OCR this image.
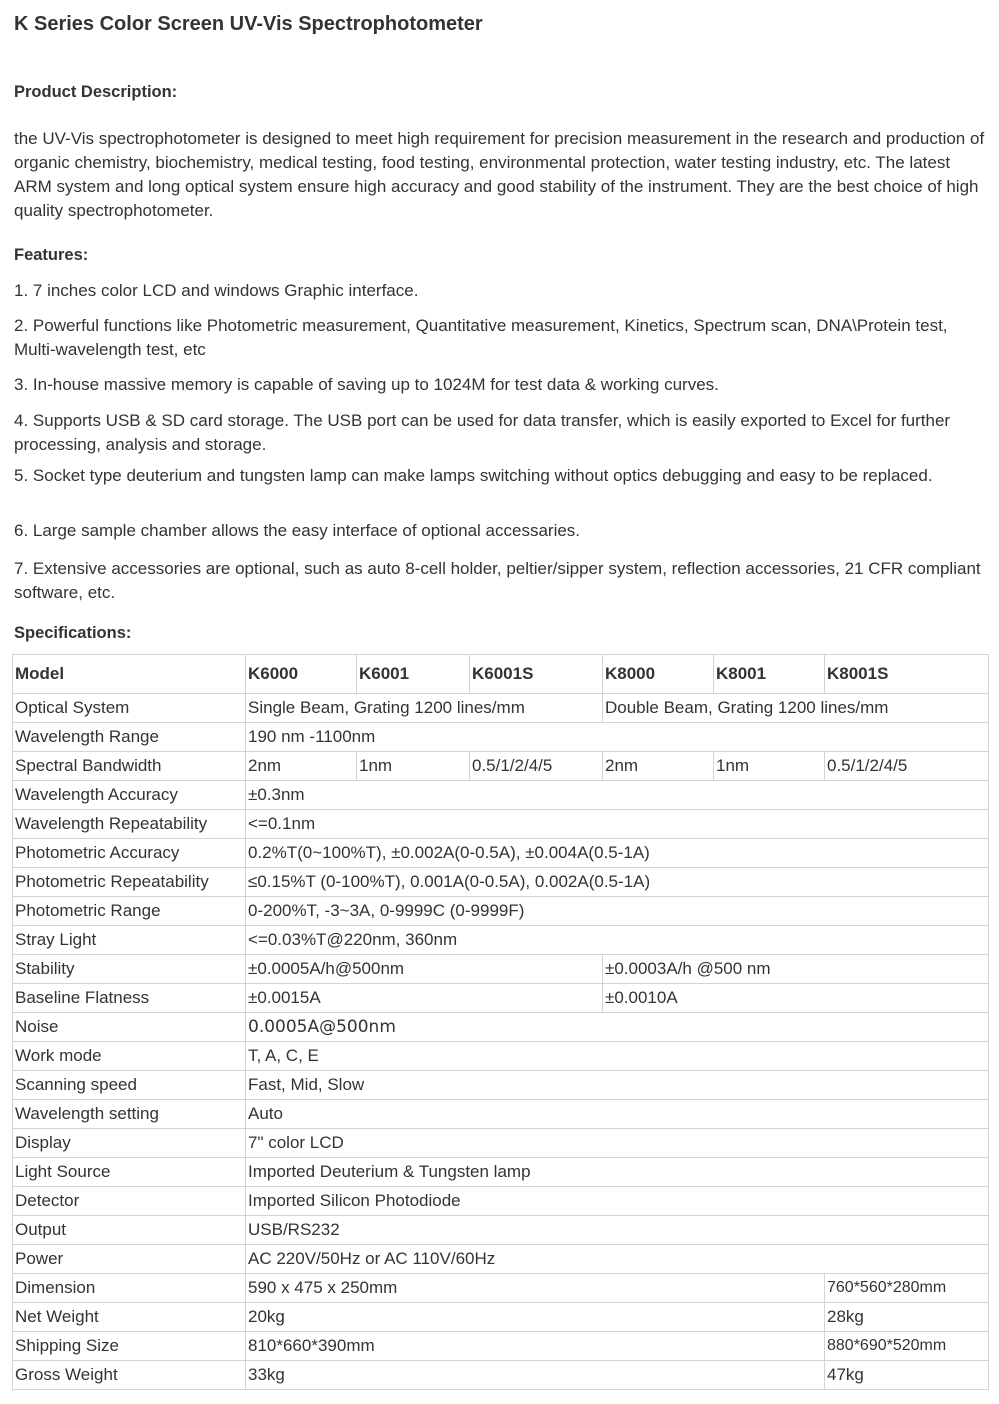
K Series Color Screen UV-Vis Spectrophotometer
Product Description:

the UV-Vis spectrophotometer is designed to meet high requirement for precision measurement in the research and production of organic chemistry, biochemistry, medical testing, food testing, environmental protection, water testing industry, etc. The latest ARM system and long optical system ensure high accuracy and good stability of the instrument. They are the best choice of high quality spectrophotometer.

Features:

1. 7 inches color LCD and windows Graphic interface.

2. Powerful functions like Photometric measurement, Quantitative measurement, Kinetics, Spectrum scan, DNA\Protein test, Multi-wavelength test, etc

3. In-house massive memory is capable of saving up to 1024M for test data & working curves.

4. Supports USB & SD card storage. The USB port can be used for data transfer, which is easily exported to Excel for further processing, analysis and storage.

5. Socket type deuterium and tungsten lamp can make lamps switching without optics debugging and easy to be replaced.

6. Large sample chamber allows the easy interface of optional accessaries.

7. Extensive accessories are optional, such as auto 8-cell holder, peltier/sipper system, reflection accessories, 21 CFR compliant software, etc.

Specifications:
Model	K6000	K6001	K6001S	K8000	K8001	K8001S
Optical System	Single Beam, Grating 1200 lines/mm			Double Beam, Grating 1200 lines/mm		
Wavelength Range	190 nm -1100nm					
Spectral Bandwidth	2nm	1nm	0.5/1/2/4/5	2nm	1nm	0.5/1/2/4/5
Wavelength Accuracy	±0.3nm					
Wavelength Repeatability	<=0.1nm					
Photometric Accuracy	0.2%T(0~100%T), ±0.002A(0-0.5A), ±0.004A(0.5-1A)					
Photometric Repeatability	≤0.15%T (0-100%T), 0.001A(0-0.5A), 0.002A(0.5-1A)					
Photometric Range	0-200%T, -3~3A, 0-9999C (0-9999F)					
Stray Light	<=0.03%T@220nm, 360nm					
Stability	±0.0005A/h@500nm			±0.0003A/h @500 nm		
Baseline Flatness	±0.0015A			±0.0010A		
Noise	0.0005A@500nm					
Work mode	T, A, C, E					
Scanning speed	Fast, Mid, Slow					
Wavelength setting	Auto					
Display	7" color LCD					
Light Source	Imported Deuterium & Tungsten lamp					
Detector	Imported Silicon Photodiode					
Output	USB/RS232					
Power	AC 220V/50Hz or AC 110V/60Hz					
Dimension	590 x 475 x 250mm					760*560*280mm
Net Weight	20kg					28kg
Shipping Size	810*660*390mm					880*690*520mm
Gross Weight	33kg					47kg
